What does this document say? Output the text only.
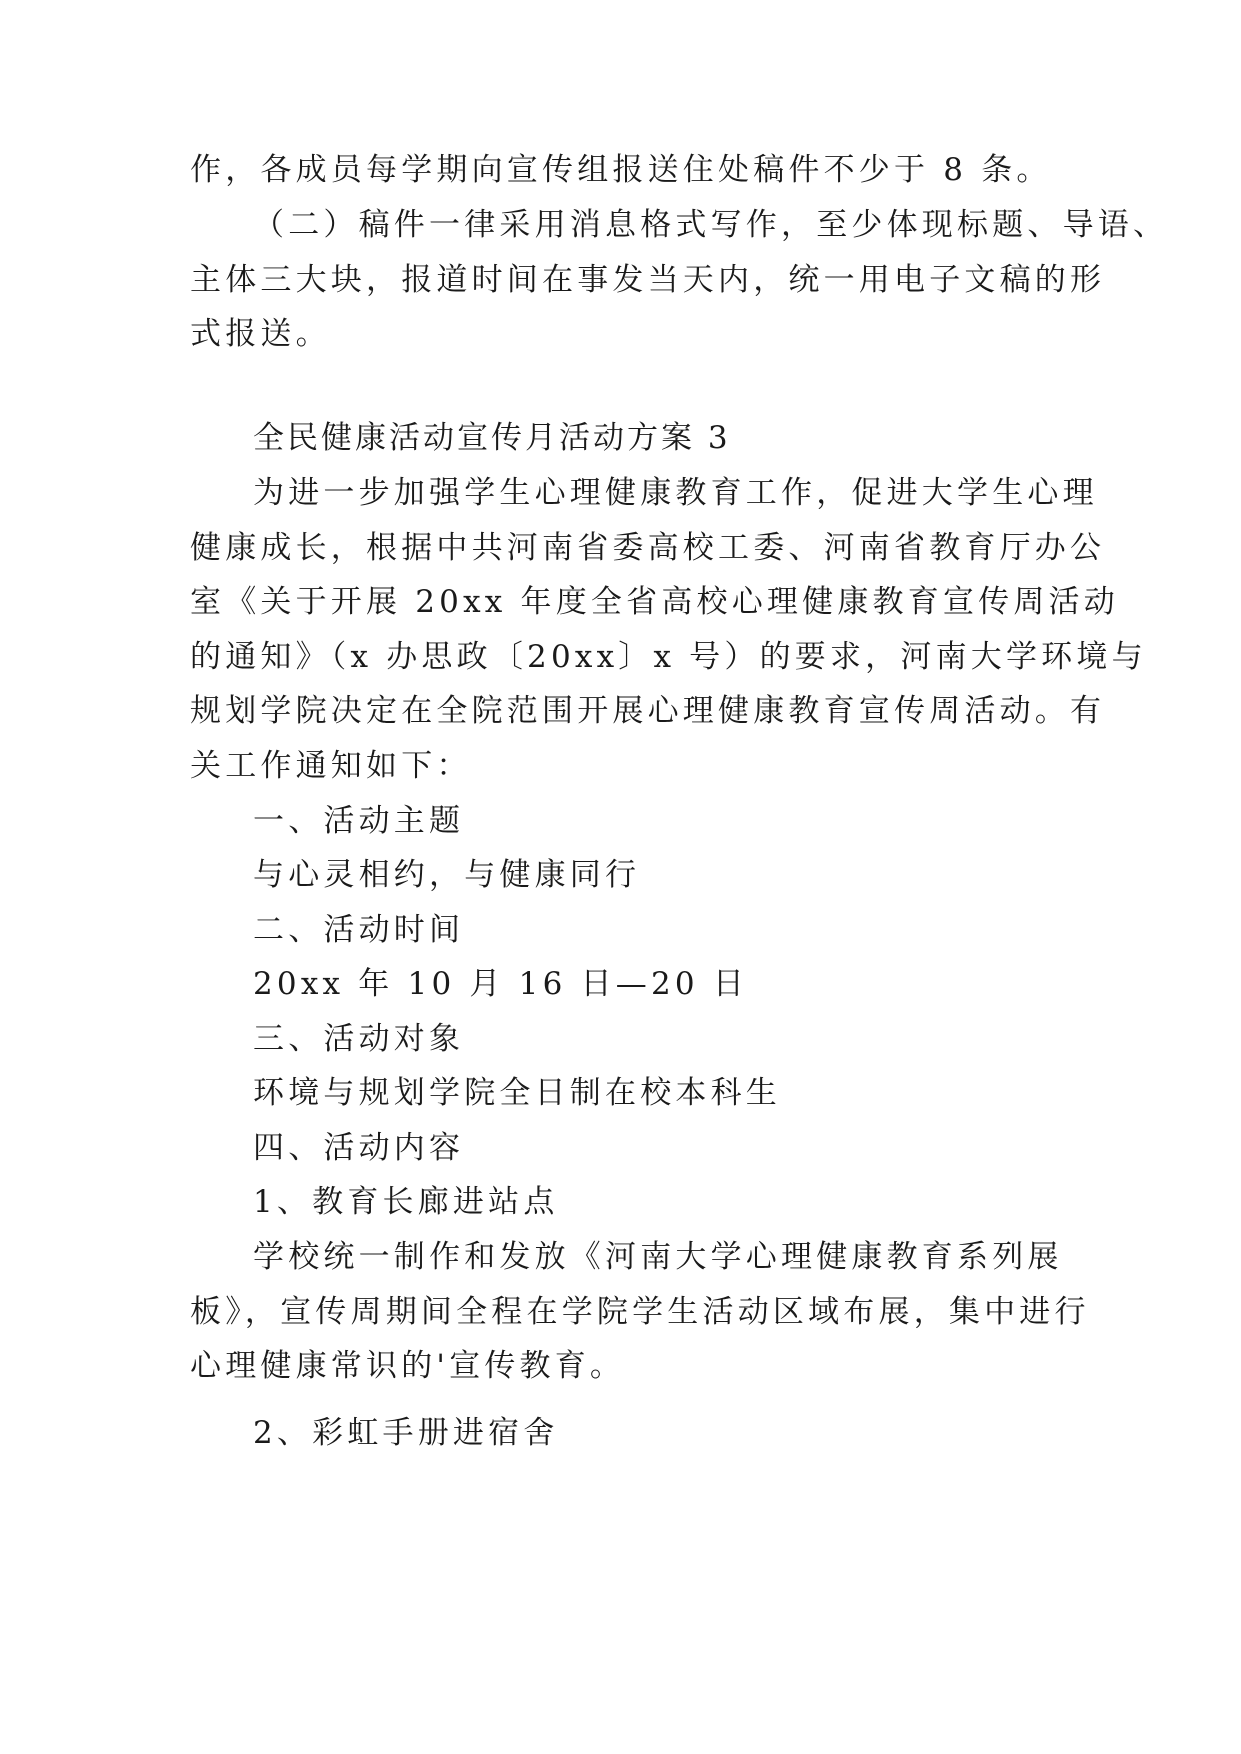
作，各成员每学期向宣传组报送住处稿件不少于 8 条。
（二）稿件一律采用消息格式写作，至少体现标题、导语、
主体三大块，报道时间在事发当天内，统一用电子文稿的形
式报送。
全民健康活动宣传月活动方案 3
为进一步加强学生心理健康教育工作，促进大学生心理
健康成长，根据中共河南省委高校工委、河南省教育厅办公
室《关于开展 20xx 年度全省高校心理健康教育宣传周活动
的通知》（x 办思政〔20xx〕x 号）的要求，河南大学环境与
规划学院决定在全院范围开展心理健康教育宣传周活动。有
关工作通知如下：
一、活动主题
与心灵相约，与健康同行
二、活动时间
20xx 年 10 月 16 日—20 日
三、活动对象
环境与规划学院全日制在校本科生
四、活动内容
1、教育长廊进站点
学校统一制作和发放《河南大学心理健康教育系列展
板》，宣传周期间全程在学院学生活动区域布展，集中进行
心理健康常识的'宣传教育。
2、彩虹手册进宿舍
